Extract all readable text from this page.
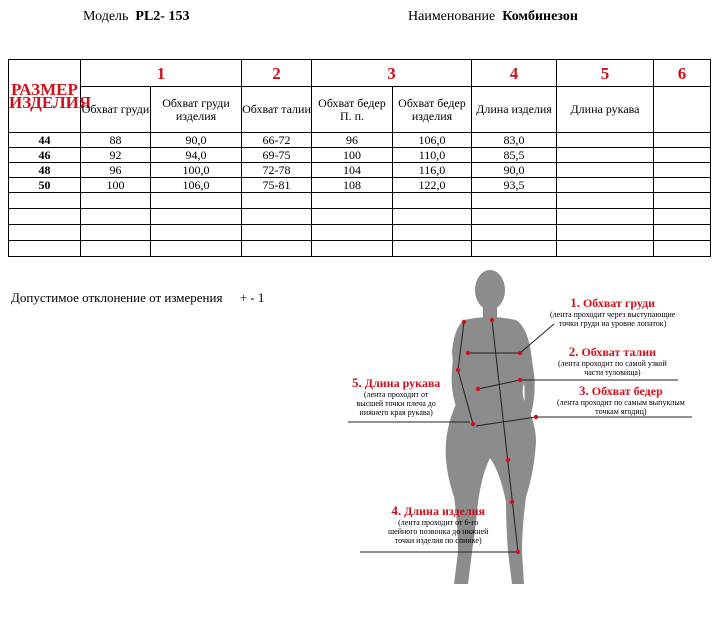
Модель PL2- 153	Наименование Комбинезон
РАЗМЕР ИЗДЕЛИЯ	1		2	3		4	5	6
	Обхват груди	Обхват груди изделия	Обхват талии	Обхват бедер П. п.	Обхват бедер изделия	Длина изделия	Длина рукава	
44	88	90,0	66-72	96	106,0	83,0		
46	92	94,0	69-75	100	110,0	85,5		
48	96	100,0	72-78	104	116,0	90,0		
50	100	106,0	75-81	108	122,0	93,5		

Допустимое отклонение от измерения + - 1	1. Обхват груди
(лента проходит через выступающие
точки груди на уровне лопаток)
2. Обхват талии
(лента проходит по самой узкой
части туловища)
3. Обхват бедер
(лента проходит по самым выпуклым
точкам ягодиц)
5. Длина рукава
(лента проходит от
высшей точки плеча до
нижнего края рукава)
4. Длина изделия
(лента проходит от 6-го
шейного позвонка до нижней
точки изделия по спинке)
